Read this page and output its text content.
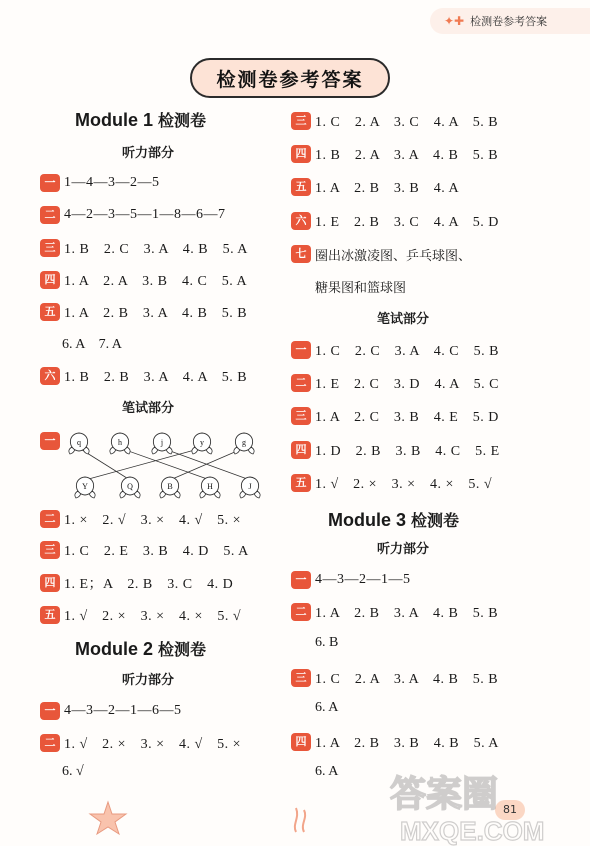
✦✚ 检测卷参考答案
检测卷参考答案
Module 1 检测卷
听力部分
一 1—4—3—2—5
二 4—2—3—5—1—8—6—7
三 1. B　2. C　3. A　4. B　5. A
四 1. A　2. A　3. B　4. C　5. A
五 1. A　2. B　3. A　4. B　5. B
6. A　7. A
六 1. B　2. B　3. A　4. A　5. B
笔试部分
一	q	h	j	y	g
Y	Q	B	H	J
二 1. ×　2. √　3. ×　4. √　5. ×
三 1. C　2. E　3. B　4. D　5. A
四 1. E；A　2. B　3. C　4. D
五 1. √　2. ×　3. ×　4. ×　5. √
Module 2 检测卷
听力部分
一 4—3—2—1—6—5
二 1. √　2. ×　3. ×　4. √　5. ×
6. √
三 1. C　2. A　3. C　4. A　5. B
四 1. B　2. A　3. A　4. B　5. B
五 1. A　2. B　3. B　4. A
六 1. E　2. B　3. C　4. A　5. D
七 圈出冰激凌图、乒乓球图、
糖果图和篮球图
笔试部分
一 1. C　2. C　3. A　4. C　5. B
二 1. E　2. C　3. D　4. A　5. C
三 1. A　2. C　3. B　4. E　5. D
四 1. D　2. B　3. B　4. C　5. E
五 1. √　2. ×　3. ×　4. ×　5. √
Module 3 检测卷
听力部分
一 4—3—2—1—5
二 1. A　2. B　3. A　4. B　5. B
6. B
三 1. C　2. A　3. A　4. B　5. B
6. A
四 1. A　2. B　3. B　4. B　5. A
6. A
81
答案圈
MXQE.COM
